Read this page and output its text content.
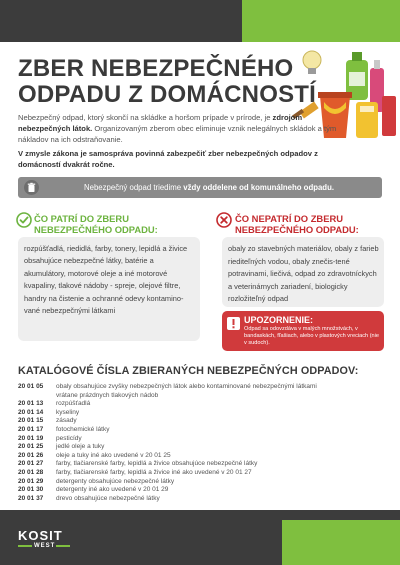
ZBER NEBEZPEČNÉHO
ODPADU Z DOMÁCNOSTÍ
Nebezpečný odpad, ktorý skončí na skládke a horšom prípade v prírode, je zdrojom nebezpečných látok. Organizovaným zberom obec eliminuje vznik nelegálnych skládok a tým nákladov na ich odstraňovanie.
V zmysle zákona je samosprávа povinná zabezpečiť zber nebezpečných odpadov z domácností dvakrát ročne.
Nebezpečný odpad triedime vždy oddelene od komunálneho odpadu.
ČO PATRÍ DO ZBERU
NEBEZPEČNÉHO ODPADU:
ČO NEPATRÍ DO ZBERU
NEBEZPEČNÉHO ODPADU:

rozpúšťadlá, riedidlá, farby, tonery, lepidlá a živice obsahujúce nebezpečné látky, batérie a akumulátory, motorové oleje a iné motorové kvapaliny, tlakové nádoby - spreje, olejové filtre, handry na čistenie a ochranné odevy kontamino-vané nebezpečnými látkami

obaly zo stavebných materiálov, obaly z farieb riediteľných vodou, obaly znečis-tené potravinami, liečivá, odpad zo zdravotníckych a veterinárnych zariadení, biologicky rozložiteľný odpad

UPOZORNENIE:
Odpad sa odovzdáva v malých množstvách, v bandaskách, fľašiach, alebo v plastových vreciach (nie v sudoch).
KATALÓGOVÉ ČÍSLA ZBIERANÝCH NEBEZPEČNÝCH ODPADOV:
20 01 05	obaly obsahujúce zvyšky nebezpečných látok alebo kontaminované nebezpečnými látkami
vrátane prázdnych tlakových nádob
20 01 13	rozpúšťadlá
20 01 14	kyseliny
20 01 15	zásady
20 01 17	fotochemické látky
20 01 19	pesticídy
20 01 25	jedlé oleje a tuky
20 01 26	oleje a tuky iné ako uvedené v 20 01 25
20 01 27	farby, tlačiarenské farby, lepidlá a živice obsahujúce nebezpečné látky
20 01 28	farby, tlačiarenské farby, lepidlá a živice iné ako uvedené v 20 01 27
20 01 29	detergenty obsahujúce nebezpečné látky
20 01 30	detergenty iné ako uvedené v 20 01 29
20 01 37	drevo obsahujúce nebezpečné látky
KOSIT
WEST
